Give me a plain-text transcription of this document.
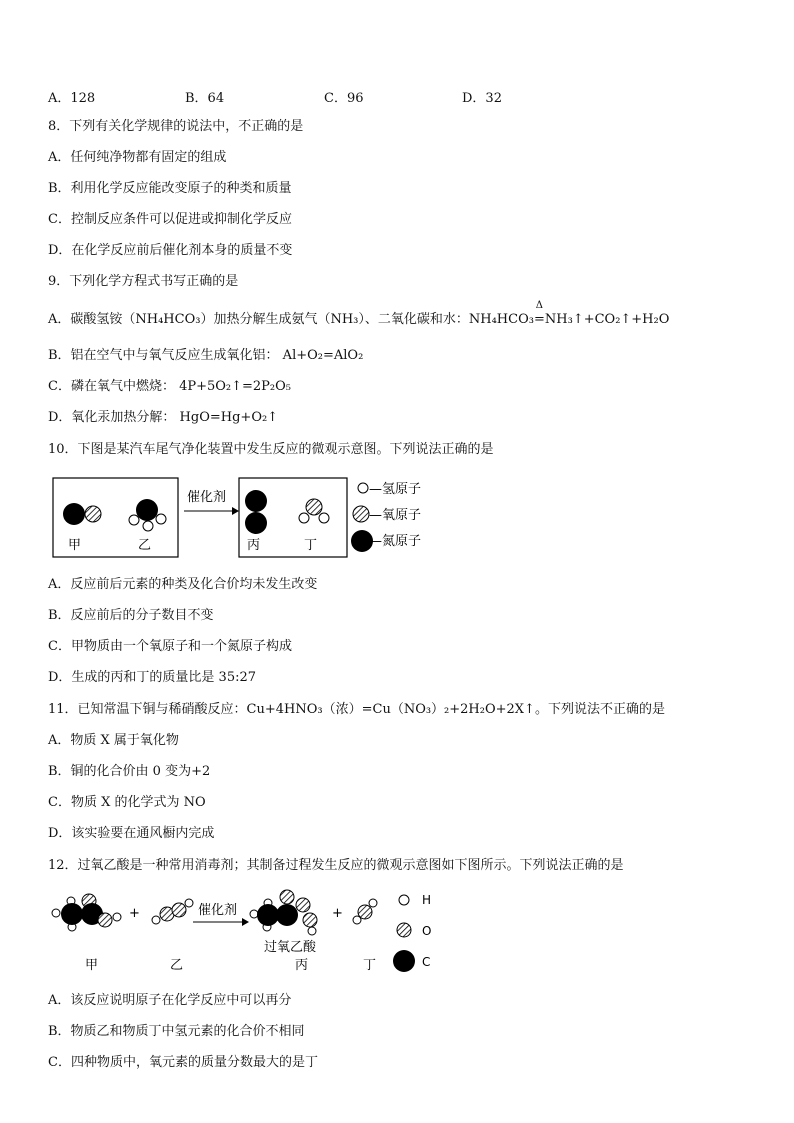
A．128	B．64	C．96	D．32
8．下列有关化学规律的说法中，不正确的是
A．任何纯净物都有固定的组成
B．利用化学反应能改变原子的种类和质量
C．控制反应条件可以促进或抑制化学反应
D．在化学反应前后催化剂本身的质量不变
9．下列化学方程式书写正确的是
A．碳酸氢铵（NH₄HCO₃）加热分解生成氨气（NH₃）、二氧化碳和水：NH₄HCO₃
Δ
=NH₃↑+CO₂↑+H₂O
B．铝在空气中与氧气反应生成氧化铝： Al+O₂=AlO₂
C．磷在氧气中燃烧： 4P+5O₂↑=2P₂O₅
D．氧化汞加热分解： HgO=Hg+O₂↑
10．下图是某汽车尾气净化装置中发生反应的微观示意图。下列说法正确的是
甲	乙
催化剂
丙	丁
—氢原子
—氧原子
—氮原子
A．反应前后元素的种类及化合价均未发生改变
B．反应前后的分子数目不变
C．甲物质由一个氧原子和一个氮原子构成
D．生成的丙和丁的质量比是 35:27
11．已知常温下铜与稀硝酸反应：Cu+4HNO₃（浓）=Cu（NO₃）₂+2H₂O+2X↑。下列说法不正确的是
A．物质 X 属于氧化物
B．铜的化合价由 0 变为+2
C．物质 X 的化学式为 NO
D．该实验要在通风橱内完成
12．过氧乙酸是一种常用消毒剂；其制备过程发生反应的微观示意图如下图所示。下列说法正确的是
+	催化剂
过氧乙酸
+
甲	乙	丙	丁
H
O
C
A．该反应说明原子在化学反应中可以再分
B．物质乙和物质丁中氢元素的化合价不相同
C．四种物质中，氧元素的质量分数最大的是丁
